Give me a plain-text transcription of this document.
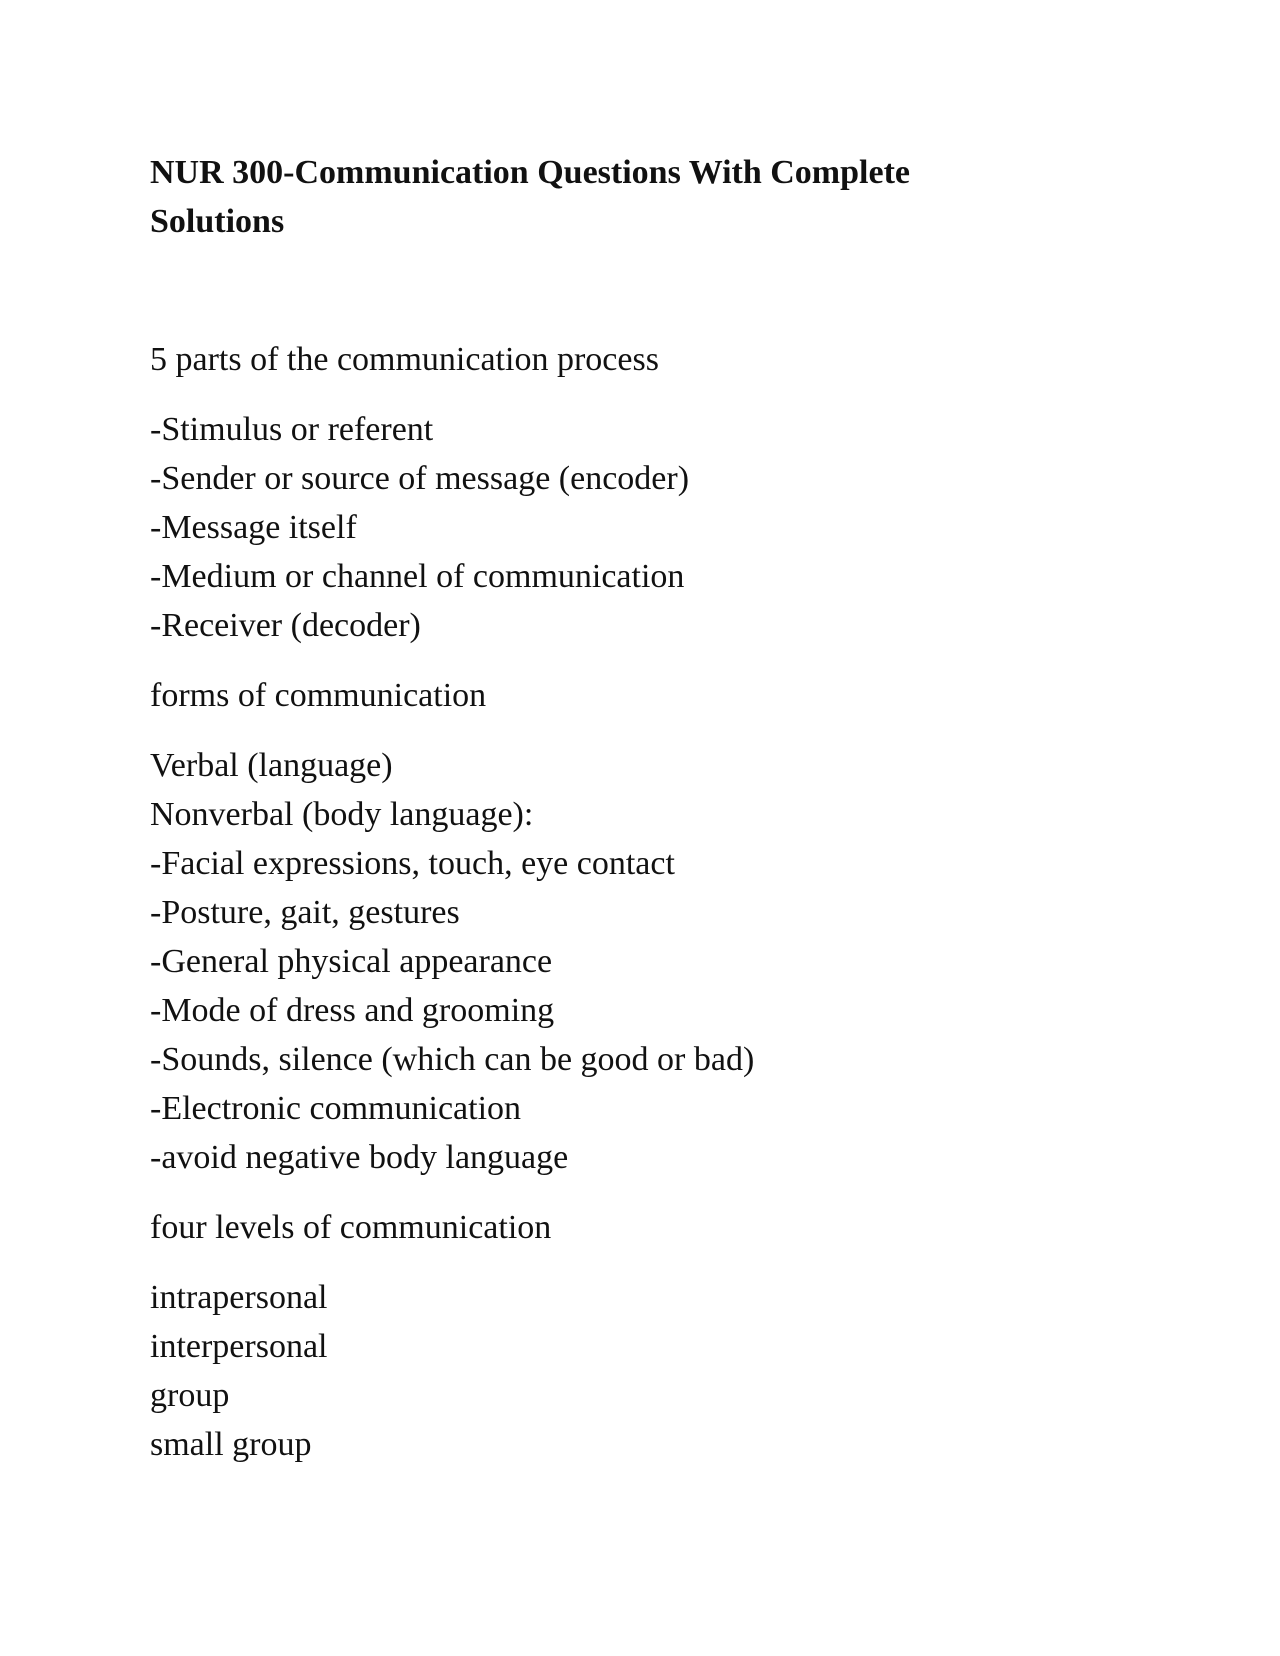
NUR 300-Communication Questions With Complete
Solutions

5 parts of the communication process

-Stimulus or referent
-Sender or source of message (encoder)
-Message itself
-Medium or channel of communication
-Receiver (decoder)

forms of communication

Verbal (language)
Nonverbal (body language):
-Facial expressions, touch, eye contact
-Posture, gait, gestures
-General physical appearance
-Mode of dress and grooming
-Sounds, silence (which can be good or bad)
-Electronic communication
-avoid negative body language

four levels of communication

intrapersonal
interpersonal
group
small group
